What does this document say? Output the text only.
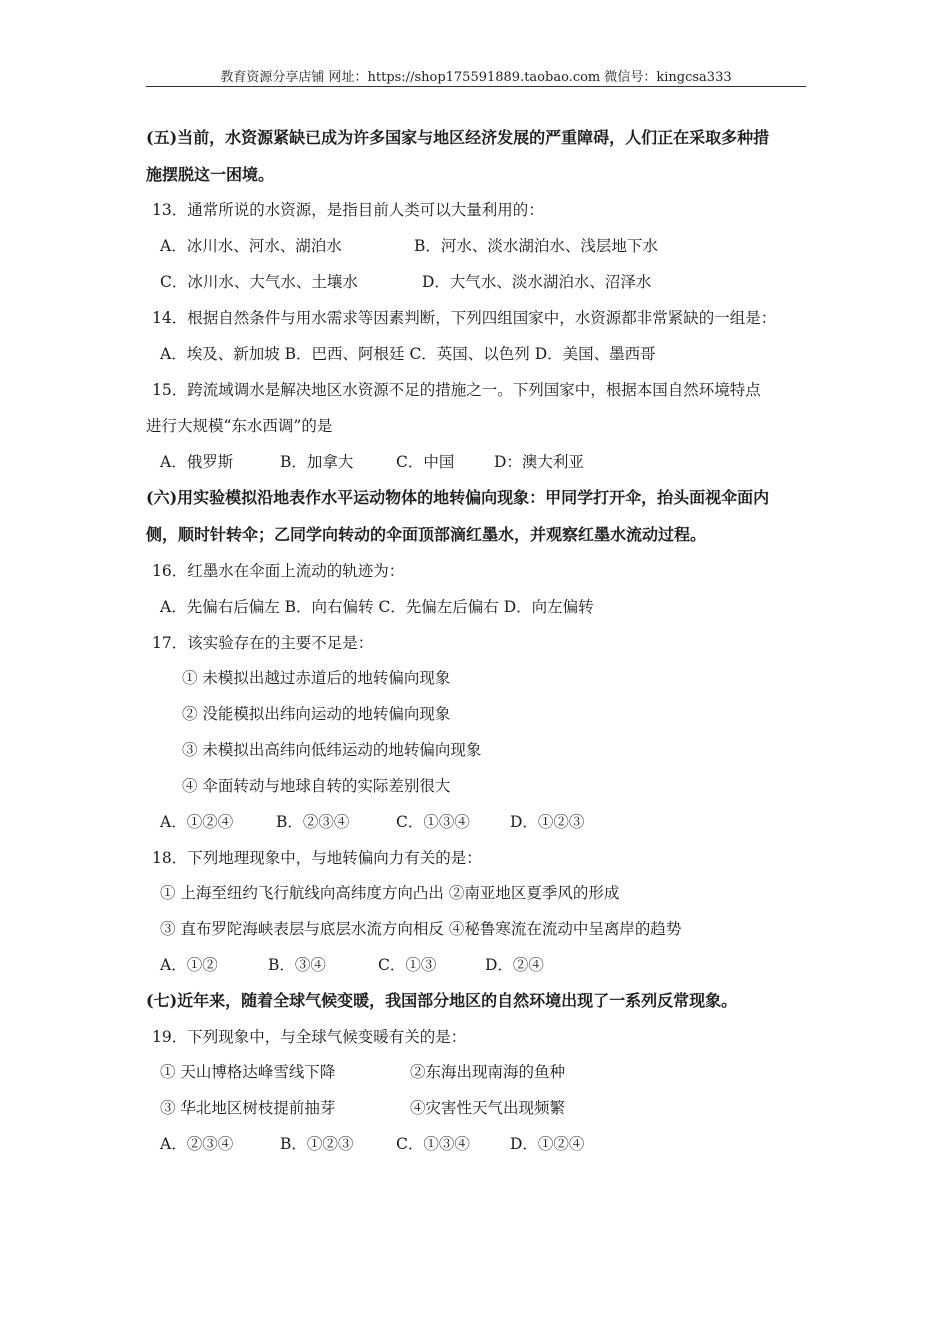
教育资源分享店铺 网址：https://shop175591889.taobao.com 微信号：kingcsa333
(五)当前，水资源紧缺已成为许多国家与地区经济发展的严重障碍，人们正在采取多种措
施摆脱这一困境。
13．通常所说的水资源，是指目前人类可以大量利用的：
A．冰川水、河水、湖泊水	B．河水、淡水湖泊水、浅层地下水
C．冰川水、大气水、土壤水	D．大气水、淡水湖泊水、沼泽水
14．根据自然条件与用水需求等因素判断，下列四组国家中，水资源都非常紧缺的一组是：
A．埃及、新加坡 B．巴西、阿根廷 C．英国、以色列 D．美国、墨西哥
15．跨流域调水是解决地区水资源不足的措施之一。下列国家中，根据本国自然环境特点
进行大规模“东水西调”的是
A．俄罗斯	B．加拿大	C．中国	D：澳大利亚
(六)用实验模拟沿地表作水平运动物体的地转偏向现象：甲同学打开伞，抬头面视伞面内
侧，顺时针转伞；乙同学向转动的伞面顶部滴红墨水，并观察红墨水流动过程。
16．红墨水在伞面上流动的轨迹为：
A．先偏右后偏左 B．向右偏转 C．先偏左后偏右 D．向左偏转
17．该实验存在的主要不足是：
① 未模拟出越过赤道后的地转偏向现象
② 没能模拟出纬向运动的地转偏向现象
③ 未模拟出高纬向低纬运动的地转偏向现象
④ 伞面转动与地球自转的实际差别很大
A．①②④	B．②③④	C．①③④	D．①②③
18．下列地理现象中，与地转偏向力有关的是：
① 上海至纽约飞行航线向高纬度方向凸出 ②南亚地区夏季风的形成
③ 直布罗陀海峡表层与底层水流方向相反 ④秘鲁寒流在流动中呈离岸的趋势
A．①②	B．③④	C．①③	D．②④
(七)近年来，随着全球气候变暖，我国部分地区的自然环境出现了一系列反常现象。
19．下列现象中，与全球气候变暖有关的是：
① 天山博格达峰雪线下降	②东海出现南海的鱼种
③ 华北地区树枝提前抽芽	④灾害性天气出现频繁
A．②③④	B．①②③	C．①③④	D．①②④
